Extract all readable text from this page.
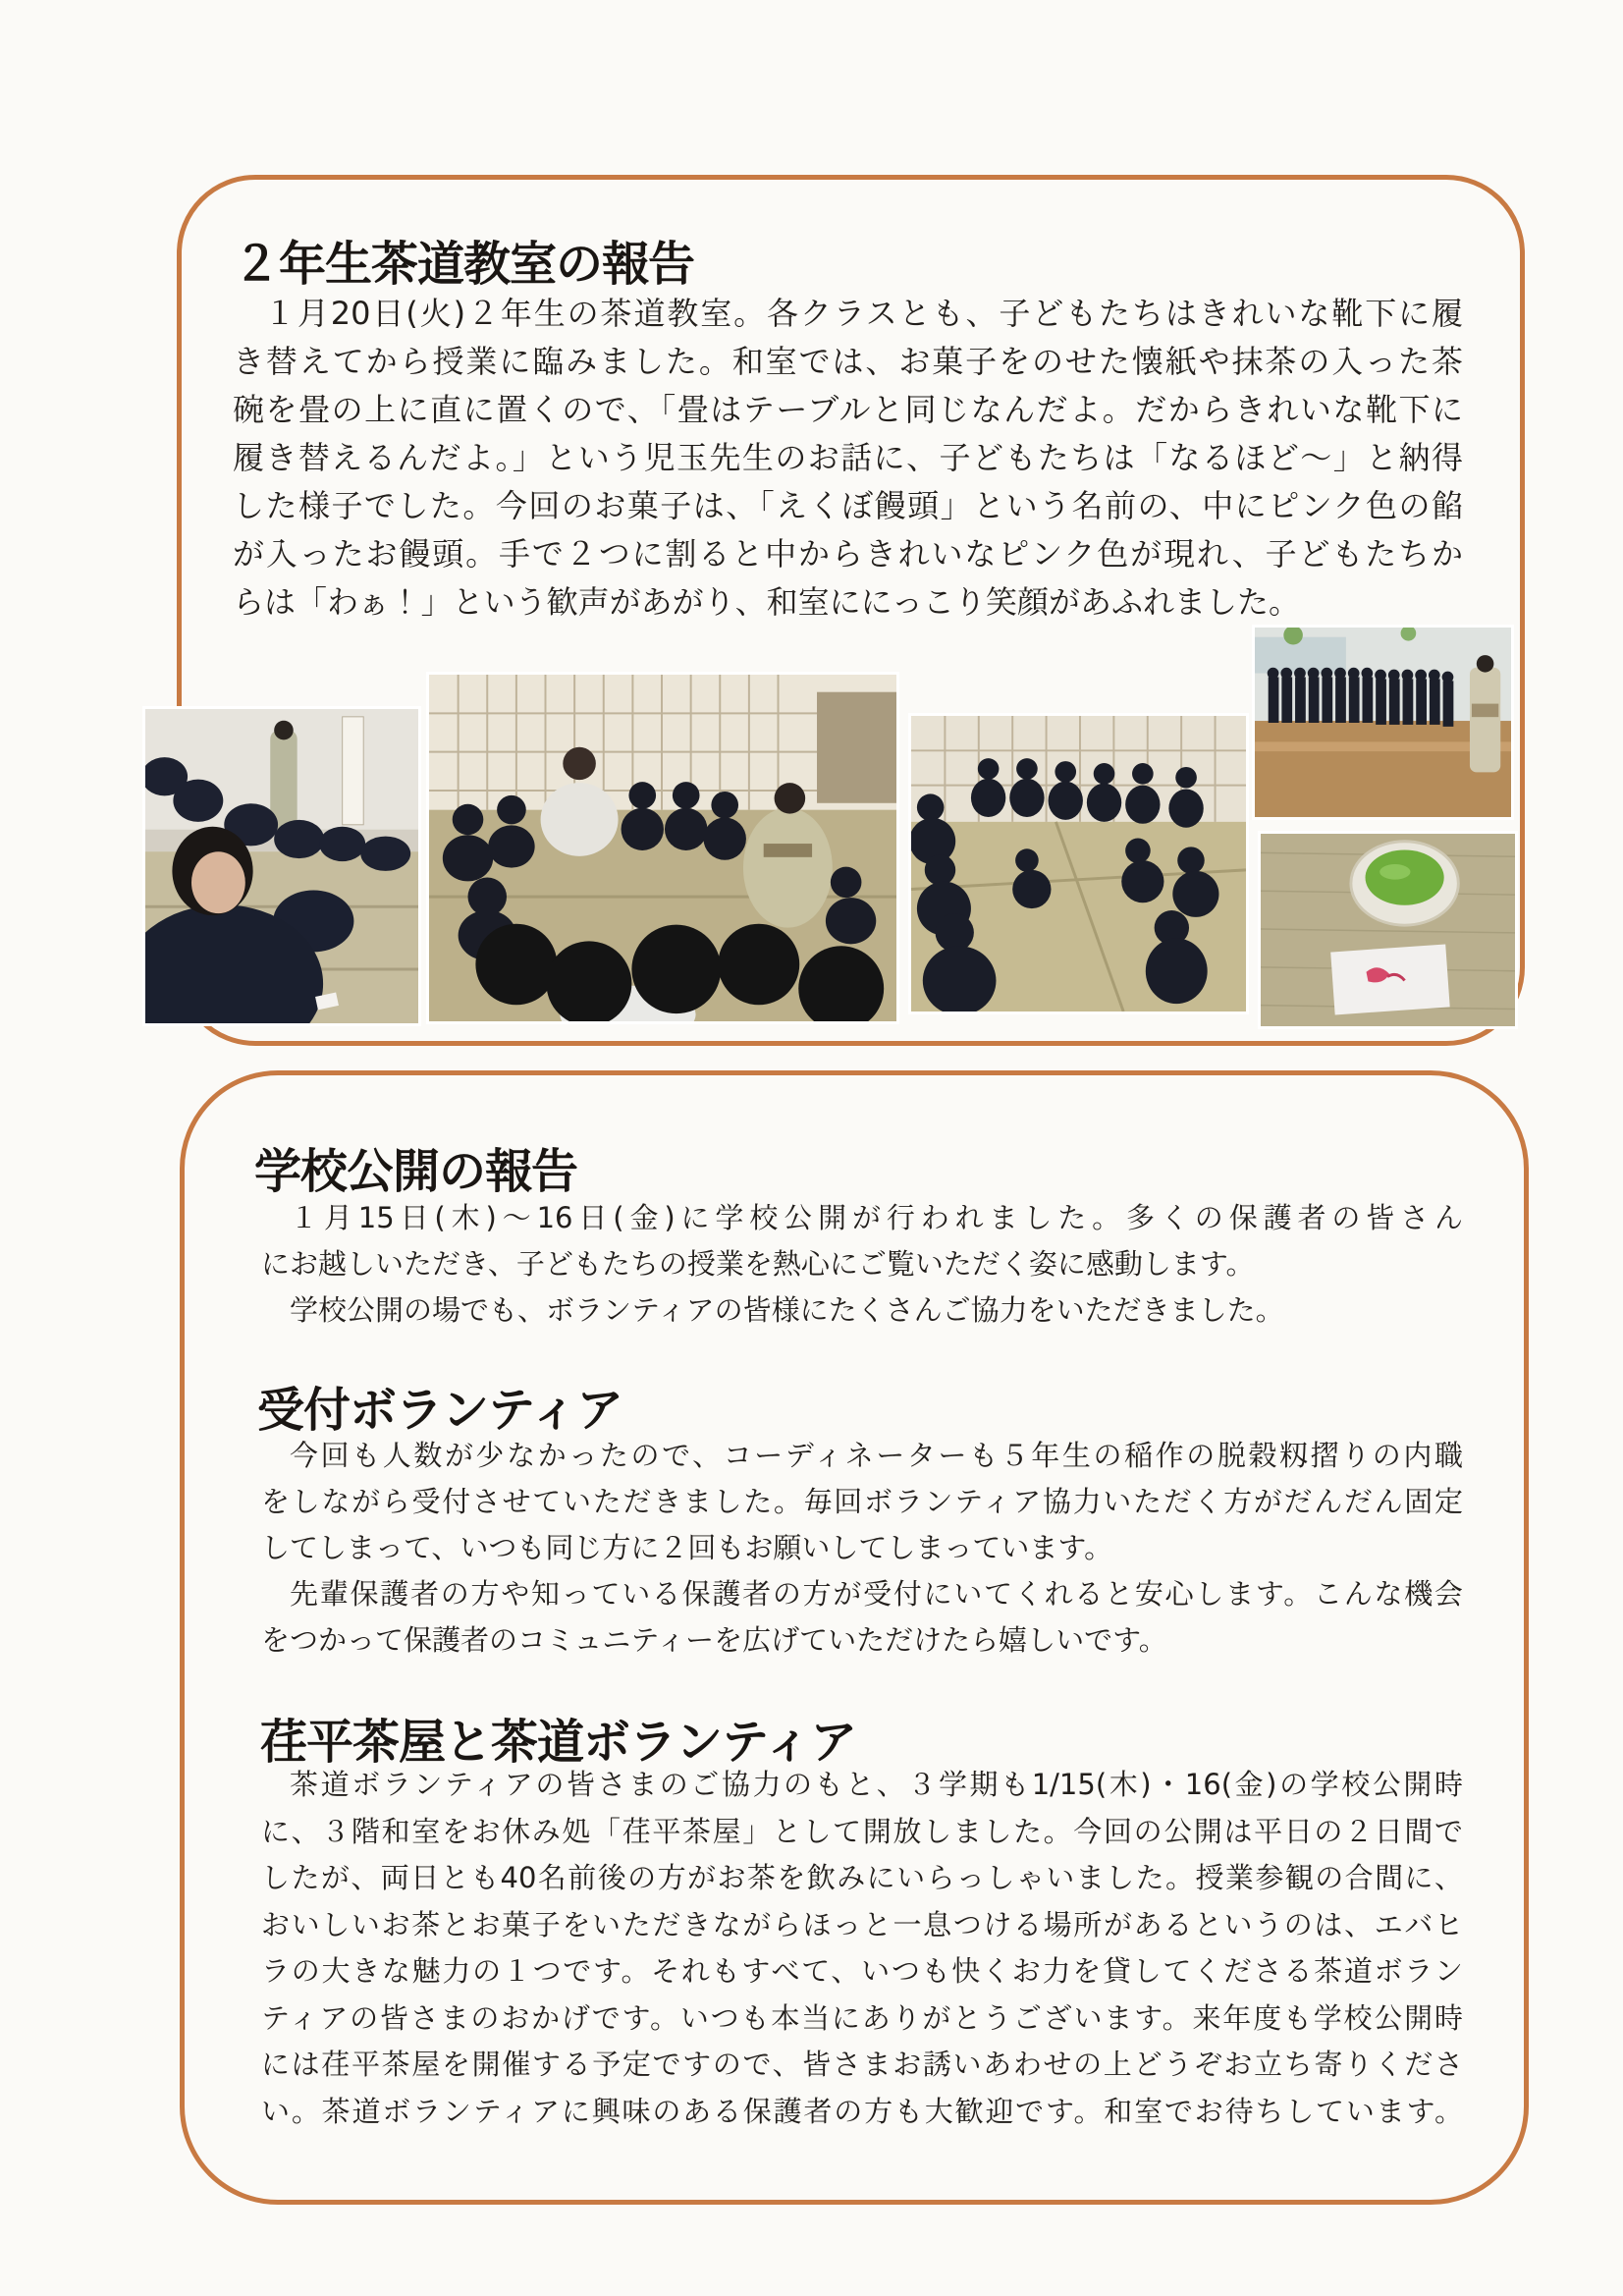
２年生茶道教室の報告
１月20日(火)２年生の茶道教室。各クラスとも、子どもたちはきれいな靴下に履
き替えてから授業に臨みました。和室では、お菓子をのせた懐紙や抹茶の入った茶
碗を畳の上に直に置くので、「畳はテーブルと同じなんだよ。だからきれいな靴下に
履き替えるんだよ。」という児玉先生のお話に、子どもたちは「なるほど～」と納得
した様子でした。今回のお菓子は、「えくぼ饅頭」という名前の、中にピンク色の餡
が入ったお饅頭。手で２つに割ると中からきれいなピンク色が現れ、子どもたちか
らは「わぁ！」という歓声があがり、和室ににっこり笑顔があふれました。
学校公開の報告
１月15日(木)～16日(金)に学校公開が行われました。多くの保護者の皆さん
にお越しいただき、子どもたちの授業を熱心にご覧いただく姿に感動します。
学校公開の場でも、ボランティアの皆様にたくさんご協力をいただきました。
受付ボランティア
今回も人数が少なかったので、コーディネーターも５年生の稲作の脱穀籾摺りの内職
をしながら受付させていただきました。毎回ボランティア協力いただく方がだんだん固定
してしまって、いつも同じ方に２回もお願いしてしまっています。
先輩保護者の方や知っている保護者の方が受付にいてくれると安心します。こんな機会
をつかって保護者のコミュニティーを広げていただけたら嬉しいです。
荏平茶屋と茶道ボランティア
茶道ボランティアの皆さまのご協力のもと、３学期も1/15(木)・16(金)の学校公開時
に、３階和室をお休み処「荏平茶屋」として開放しました。今回の公開は平日の２日間で
したが、両日とも40名前後の方がお茶を飲みにいらっしゃいました。授業参観の合間に、
おいしいお茶とお菓子をいただきながらほっと一息つける場所があるというのは、エバヒ
ラの大きな魅力の１つです。それもすべて、いつも快くお力を貸してくださる茶道ボラン
ティアの皆さまのおかげです。いつも本当にありがとうございます。来年度も学校公開時
には荏平茶屋を開催する予定ですので、皆さまお誘いあわせの上どうぞお立ち寄りくださ
い。茶道ボランティアに興味のある保護者の方も大歓迎です。和室でお待ちしています。
